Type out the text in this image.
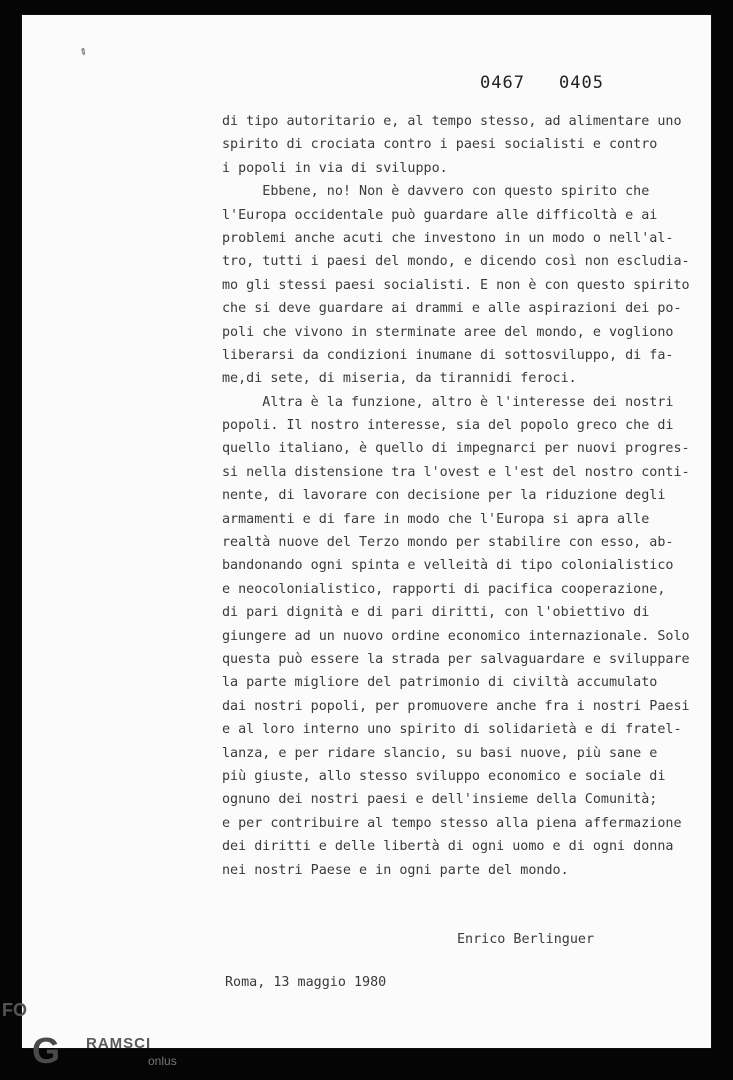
✎
0467 0405
di tipo autoritario e, al tempo stesso, ad alimentare uno
spirito di crociata contro i paesi socialisti e contro
i popoli in via di sviluppo.
Ebbene, no! Non è davvero con questo spirito che
l'Europa occidentale può guardare alle difficoltà e ai
problemi anche acuti che investono in un modo o nell'al-
tro, tutti i paesi del mondo, e dicendo così non escludia-
mo gli stessi paesi socialisti. E non è con questo spirito
che si deve guardare ai drammi e alle aspirazioni dei po-
poli che vivono in sterminate aree del mondo, e vogliono
liberarsi da condizioni inumane di sottosviluppo, di fa-
me,di sete, di miseria, da tirannidi feroci.
Altra è la funzione, altro è l'interesse dei nostri
popoli. Il nostro interesse, sia del popolo greco che di
quello italiano, è quello di impegnarci per nuovi progres-
si nella distensione tra l'ovest e l'est del nostro conti-
nente, di lavorare con decisione per la riduzione degli
armamenti e di fare in modo che l'Europa si apra alle
realtà nuove del Terzo mondo per stabilire con esso, ab-
bandonando ogni spinta e velleità di tipo colonialistico
e neocolonialistico, rapporti di pacifica cooperazione,
di pari dignità e di pari diritti, con l'obiettivo di
giungere ad un nuovo ordine economico internazionale. Solo
questa può essere la strada per salvaguardare e sviluppare
la parte migliore del patrimonio di civiltà accumulato
dai nostri popoli, per promuovere anche fra i nostri Paesi
e al loro interno uno spirito di solidarietà e di fratel-
lanza, e per ridare slancio, su basi nuove, più sane e
più giuste, allo stesso sviluppo economico e sociale di
ognuno dei nostri paesi e dell'insieme della Comunità;
e per contribuire al tempo stesso alla piena affermazione
dei diritti e delle libertà di ogni uomo e di ogni donna
nei nostri Paese e in ogni parte del mondo.
Enrico Berlinguer
Roma, 13 maggio 1980
FO
G RAMSCI
onlus
